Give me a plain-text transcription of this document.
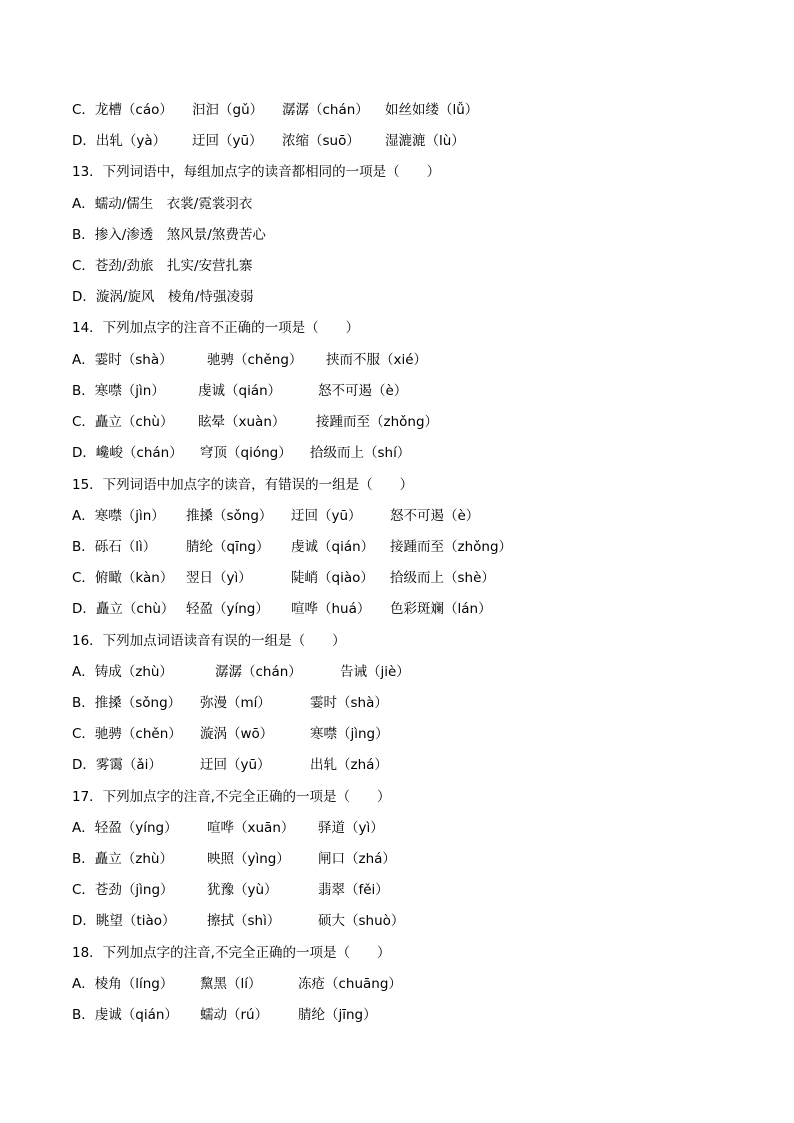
C．龙槽（cáo） 汩汩（gǔ） 潺潺（chán） 如丝如缕（lǚ）
D．出轧（yà） 迂回（yū） 浓缩（suō） 湿漉漉（lù）
13．下列词语中，每组加点字的读音都相同的一项是（　　）
A．蠕动/儒生　衣裳/霓裳羽衣
B．掺入/渗透　煞风景/煞费苦心
C．苍劲/劲旅　扎实/安营扎寨
D．漩涡/旋风　棱角/恃强凌弱
14．下列加点字的注音不正确的一项是（　　）
A．霎时（shà）	驰骋（chěng） 挟而不服（xié）
B．寒噤（jìn） 虔诚（qián）	怒不可遏（è）
C．矗立（chù） 眩晕（xuàn） 接踵而至（zhǒng）
D．巉峻（chán） 穹顶（qióng） 拾级而上（shí）
15．下列词语中加点字的读音，有错误的一组是（　　）
A．寒噤（jìn） 推搡（sǒng） 迂回（yū） 怒不可遏（è）
B．砾石（lì） 腈纶（qīng） 虔诚（qián） 接踵而至（zhǒng）
C．俯瞰（kàn） 翌日（yì）	陡峭（qiào） 拾级而上（shè）
D．矗立（chù） 轻盈（yíng） 喧哗（huá） 色彩斑斓（lán）
16．下列加点词语读音有误的一组是（　　）
A．铸成（zhù）	潺潺（chán）	告诫（jiè）
B．推搡（sǒng） 弥漫（mí）	霎时（shà）
C．驰骋（chěn） 漩涡（wō）	寒噤（jìng）
D．雾霭（ǎi）	迂回（yū）	出轧（zhá）
17．下列加点字的注音,不完全正确的一项是（　　）
A．轻盈（yíng） 喧哗（xuān） 驿道（yì）
B．矗立（zhù）	映照（yìng） 闸口（zhá）
C．苍劲（jìng） 犹豫（yù）	翡翠（fěi）
D．眺望（tiào） 擦拭（shì）	硕大（shuò）
18．下列加点字的注音,不完全正确的一项是（　　）
A．棱角（líng） 黧黑（lí）	冻疮（chuāng）
B．虔诚（qián） 蠕动（rú） 腈纶（jīng）
